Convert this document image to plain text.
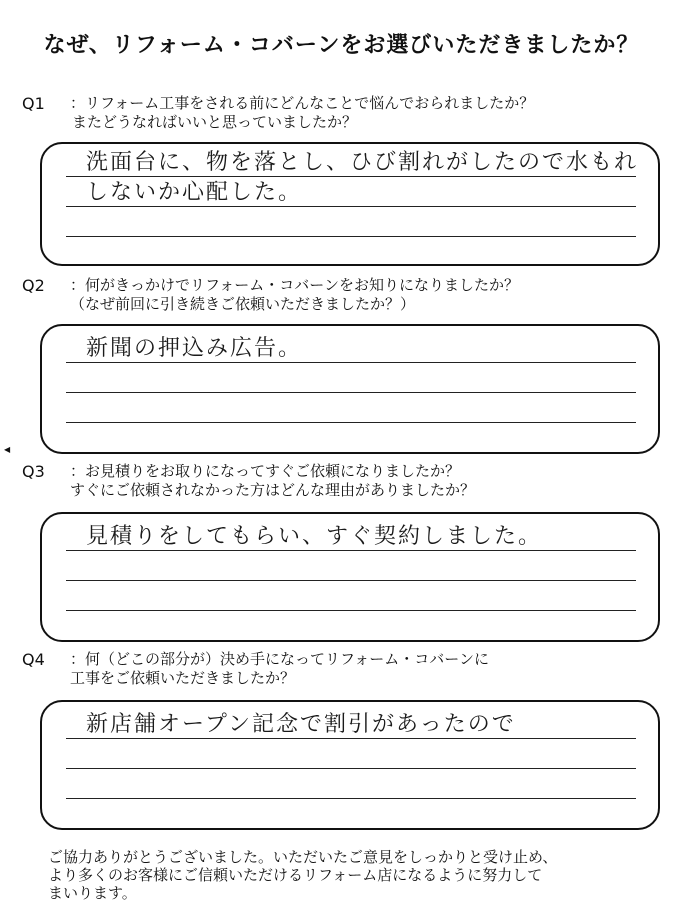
なぜ、リフォーム・コバーンをお選びいただきましたか？
◀
Q1 ：リフォーム工事をされる前にどんなことで悩んでおられましたか？
またどうなればいいと思っていましたか？
洗面台に、物を落とし、ひび割れがしたので水もれ
しないか心配した。
Q2 ：何がきっかけでリフォーム・コバーンをお知りになりましたか？
（なぜ前回に引き続きご依頼いただきましたか？）
新聞の押込み広告。
Q3 ：お見積りをお取りになってすぐご依頼になりましたか？
すぐにご依頼されなかった方はどんな理由がありましたか？
見積りをしてもらい、すぐ契約しました。
Q4 ：何（どこの部分が）決め手になってリフォーム・コバーンに
工事をご依頼いただきましたか？
新店舗オープン記念で割引があったので
ご協力ありがとうございました。いただいたご意見をしっかりと受け止め、
より多くのお客様にご信頼いただけるリフォーム店になるように努力して
まいります。
